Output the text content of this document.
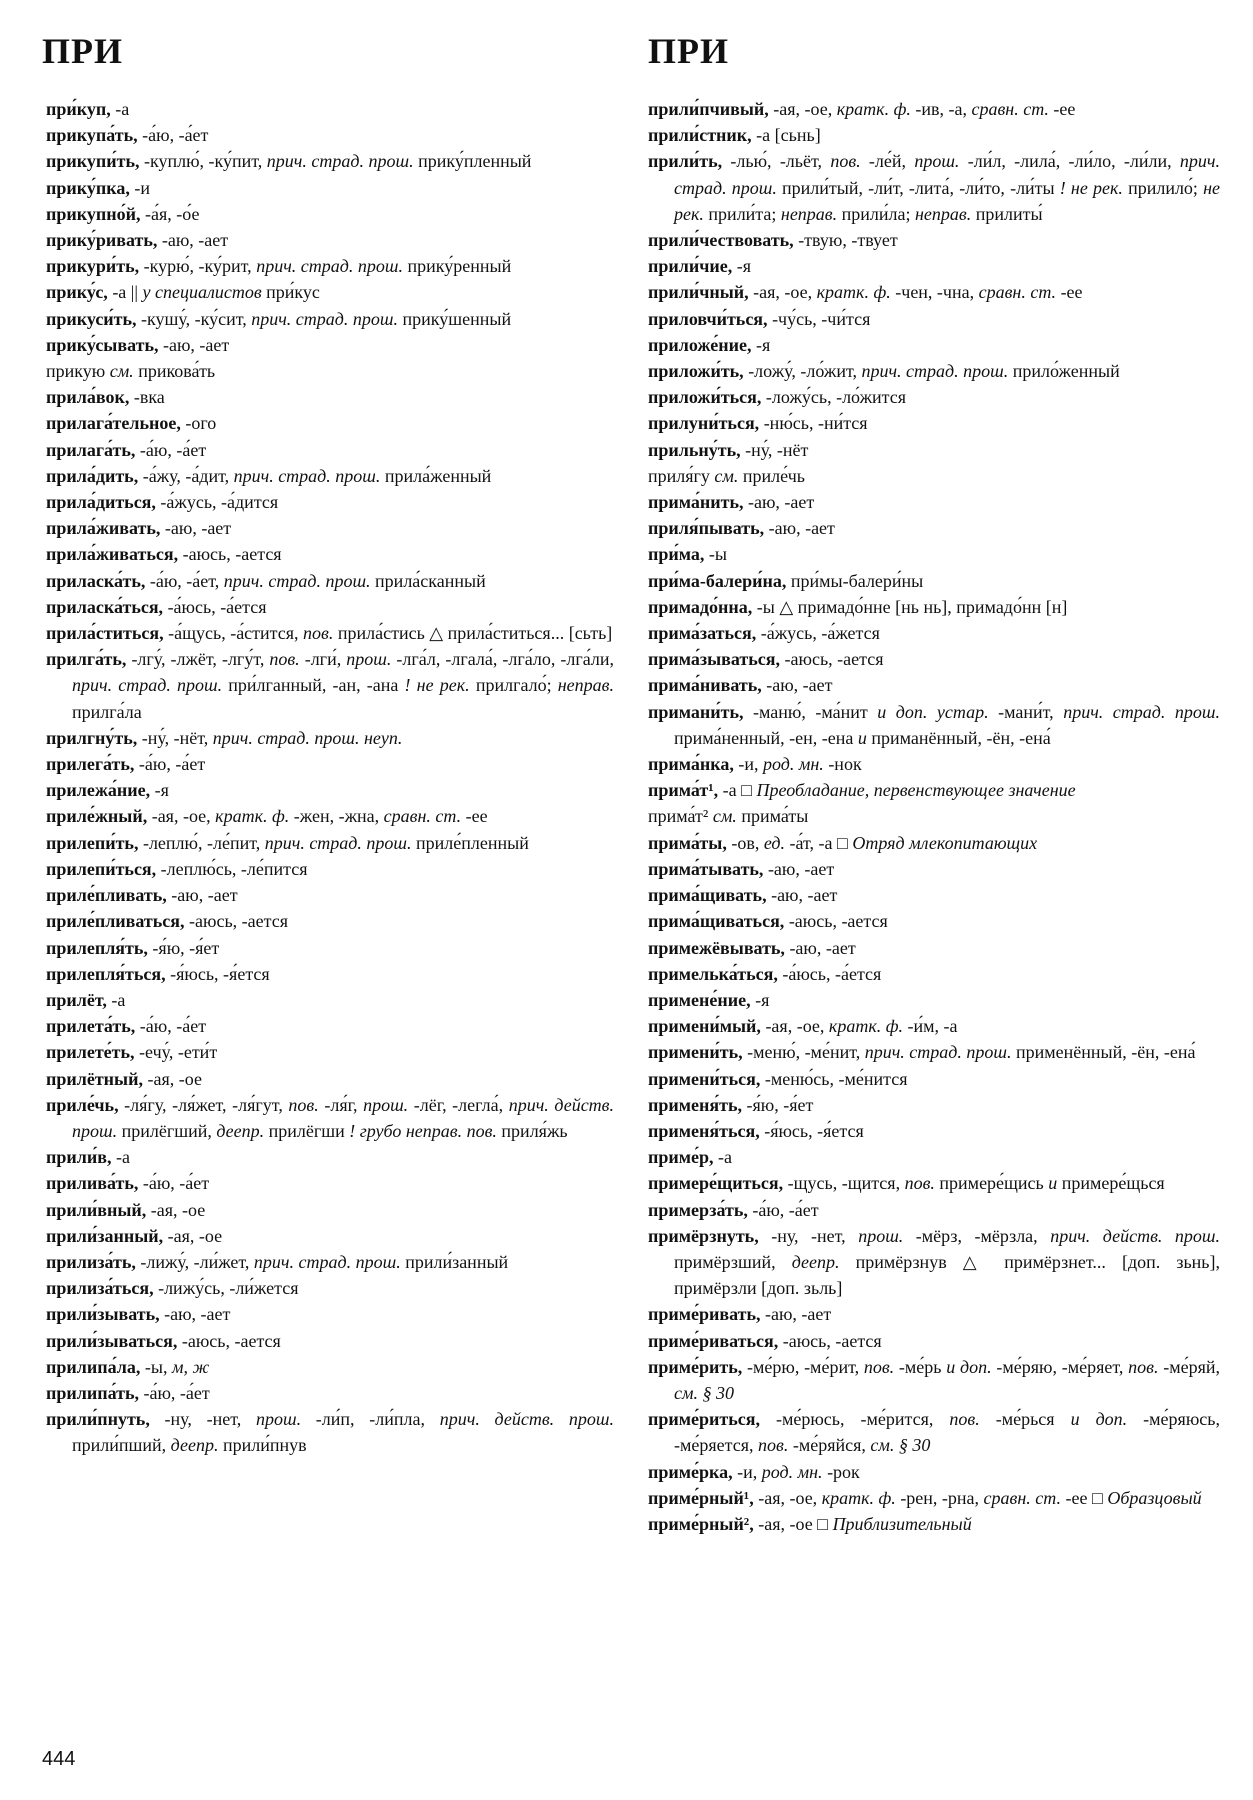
ПРИ	ПРИ
при́куп, -а
прикупа́ть, -а́ю, -а́ет
прикупи́ть, -куплю́, -ку́пит, прич. страд. прош. прику́пленный
прику́пка, -и
прикупно́й, -а́я, -о́е
прику́ривать, -аю, -ает
прикури́ть, -курю́, -ку́рит, прич. страд. прош. прику́ренный
прику́с, -а || у специалистов при́кус
прикуси́ть, -кушу́, -ку́сит, прич. страд. прош. прику́шенный
прику́сывать, -аю, -ает
прикую см. прикова́ть
прила́вок, -вка
прилага́тельное, -ого
прилага́ть, -а́ю, -а́ет
прила́дить, -а́жу, -а́дит, прич. страд. прош. прила́женный
прила́диться, -а́жусь, -а́дится
прила́живать, -аю, -ает
прила́живаться, -аюсь, -ается
приласка́ть, -а́ю, -а́ет, прич. страд. прош. прила́сканный
приласка́ться, -а́юсь, -а́ется
прила́ститься, -а́щусь, -а́стится, пов. прила́стись △ прила́ститься... [сьть]
прилга́ть, -лгу́, -лжёт, -лгу́т, пов. -лги́, прош. -лга́л, -лгала́, -лга́ло, -лга́ли, прич. страд. прош. при́лганный, -ан, -ана ! не рек. прилгало́; неправ. прилга́ла
прилгну́ть, -ну́, -нёт, прич. страд. прош. неуп.
прилега́ть, -а́ю, -а́ет
прилежа́ние, -я
приле́жный, -ая, -ое, кратк. ф. -жен, -жна, сравн. ст. -ее
прилепи́ть, -леплю́, -ле́пит, прич. страд. прош. приле́пленный
прилепи́ться, -леплю́сь, -ле́пится
приле́пливать, -аю, -ает
приле́пливаться, -аюсь, -ается
прилепля́ть, -я́ю, -я́ет
прилепля́ться, -я́юсь, -я́ется
прилёт, -а
прилета́ть, -а́ю, -а́ет
прилете́ть, -ечу́, -ети́т
прилётный, -ая, -ое
приле́чь, -ля́гу, -ля́жет, -ля́гут, пов. -ля́г, прош. -лёг, -легла́, прич. действ. прош. прилёгший, деепр. прилёгши ! грубо неправ. пов. приля́жь
прили́в, -а
прилива́ть, -а́ю, -а́ет
прили́вный, -ая, -ое
прили́занный, -ая, -ое
прилиза́ть, -лижу́, -ли́жет, прич. страд. прош. прили́занный
прилиза́ться, -лижу́сь, -ли́жется
прили́зывать, -аю, -ает
прили́зываться, -аюсь, -ается
прилипа́ла, -ы, м, ж
прилипа́ть, -а́ю, -а́ет
прили́пнуть, -ну, -нет, прош. -ли́п, -ли́пла, прич. действ. прош. прили́пший, деепр. прили́пнув
прили́пчивый, -ая, -ое, кратк. ф. -ив, -а, сравн. ст. -ее
прили́стник, -а [сьнь]
прили́ть, -лью́, -льёт, пов. -ле́й, прош. -ли́л, -лила́, -ли́ло, -ли́ли, прич. страд. прош. прили́тый, -ли́т, -лита́, -ли́то, -ли́ты ! не рек. прилило́; не рек. прили́та; неправ. прили́ла; неправ. прилиты́
прили́чествовать, -твую, -твует
прили́чие, -я
прили́чный, -ая, -ое, кратк. ф. -чен, -чна, сравн. ст. -ее
приловчи́ться, -чу́сь, -чи́тся
приложе́ние, -я
приложи́ть, -ложу́, -ло́жит, прич. страд. прош. прило́женный
приложи́ться, -ложу́сь, -ло́жится
прилуни́ться, -ню́сь, -ни́тся
прильну́ть, -ну́, -нёт
приля́гу см. приле́чь
прима́нить, -аю, -ает
приля́пывать, -аю, -ает
при́ма, -ы
при́ма-балери́на, при́мы-балери́ны
примадо́нна, -ы △ примадо́нне [нь нь], примадо́нн [н]
прима́заться, -а́жусь, -а́жется
прима́зываться, -аюсь, -ается
прима́нивать, -аю, -ает
примани́ть, -маню́, -ма́нит и доп. устар. -мани́т, прич. страд. прош. прима́ненный, -ен, -ена и приманённый, -ён, -ена́
прима́нка, -и, род. мн. -нок
прима́т¹, -а □ Преобладание, первенствующее значение
прима́т² см. прима́ты
прима́ты, -ов, ед. -а́т, -а □ Отряд млекопитающих
прима́тывать, -аю, -ает
прима́щивать, -аю, -ает
прима́щиваться, -аюсь, -ается
примежёвывать, -аю, -ает
примелька́ться, -а́юсь, -а́ется
примене́ние, -я
примени́мый, -ая, -ое, кратк. ф. -и́м, -а
примени́ть, -меню́, -ме́нит, прич. страд. прош. применённый, -ён, -ена́
примени́ться, -меню́сь, -ме́нится
применя́ть, -я́ю, -я́ет
применя́ться, -я́юсь, -я́ется
приме́р, -а
примере́щиться, -щусь, -щится, пов. примере́щись и примере́щься
примерза́ть, -а́ю, -а́ет
примёрзнуть, -ну, -нет, прош. -мёрз, -мёрзла, прич. действ. прош. примёрзший, деепр. примёрзнув △ примёрзнет... [доп. зьнь], примёрзли [доп. зьль]
приме́ривать, -аю, -ает
приме́риваться, -аюсь, -ается
приме́рить, -ме́рю, -ме́рит, пов. -ме́рь и доп. -ме́ряю, -ме́ряет, пов. -ме́ряй, см. § 30
приме́риться, -ме́рюсь, -ме́рится, пов. -ме́рься и доп. -ме́ряюсь, -ме́ряется, пов. -ме́ряйся, см. § 30
приме́рка, -и, род. мн. -рок
приме́рный¹, -ая, -ое, кратк. ф. -рен, -рна, сравн. ст. -ее □ Образцовый
приме́рный², -ая, -ое □ Приблизительный
444
